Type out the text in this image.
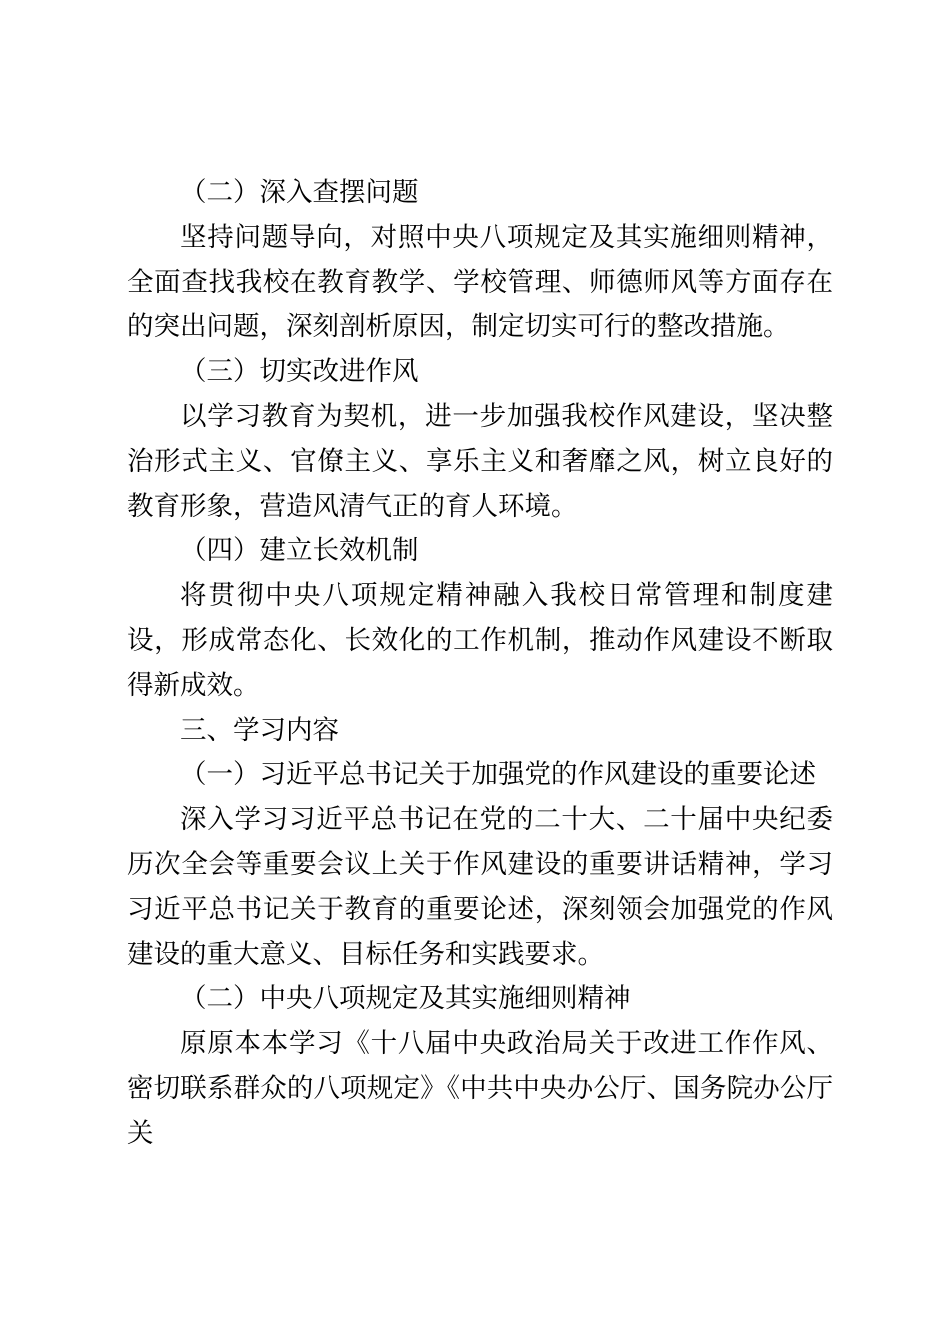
（二）深入查摆问题

坚持问题导向，对照中央八项规定及其实施细则精神，全面查找我校在教育教学、学校管理、师德师风等方面存在的突出问题，深刻剖析原因，制定切实可行的整改措施。

（三）切实改进作风

以学习教育为契机，进一步加强我校作风建设，坚决整治形式主义、官僚主义、享乐主义和奢靡之风，树立良好的教育形象，营造风清气正的育人环境。

（四）建立长效机制

将贯彻中央八项规定精神融入我校日常管理和制度建设，形成常态化、长效化的工作机制，推动作风建设不断取得新成效。

三、学习内容

（一）习近平总书记关于加强党的作风建设的重要论述

深入学习习近平总书记在党的二十大、二十届中央纪委历次全会等重要会议上关于作风建设的重要讲话精神，学习习近平总书记关于教育的重要论述，深刻领会加强党的作风建设的重大意义、目标任务和实践要求。

（二）中央八项规定及其实施细则精神

原原本本学习《十八届中央政治局关于改进工作作风、密切联系群众的八项规定》《中共中央办公厅、国务院办公厅关
